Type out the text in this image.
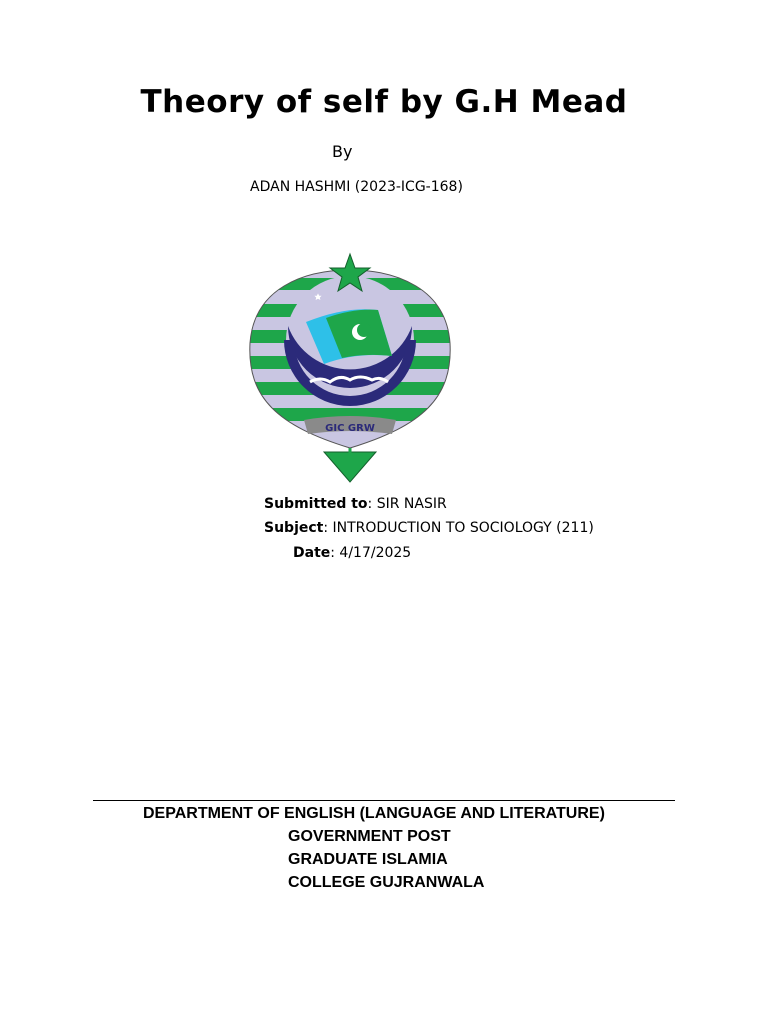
Theory of self by G.H Mead
By
ADAN HASHMI (2023-ICG-168)
GIC GRW
Submitted to: SIR NASIR
Subject: INTRODUCTION TO SOCIOLOGY (211)
Date: 4/17/2025
DEPARTMENT OF ENGLISH (LANGUAGE AND LITERATURE)
GOVERNMENT POST
GRADUATE ISLAMIA
COLLEGE GUJRANWALA
